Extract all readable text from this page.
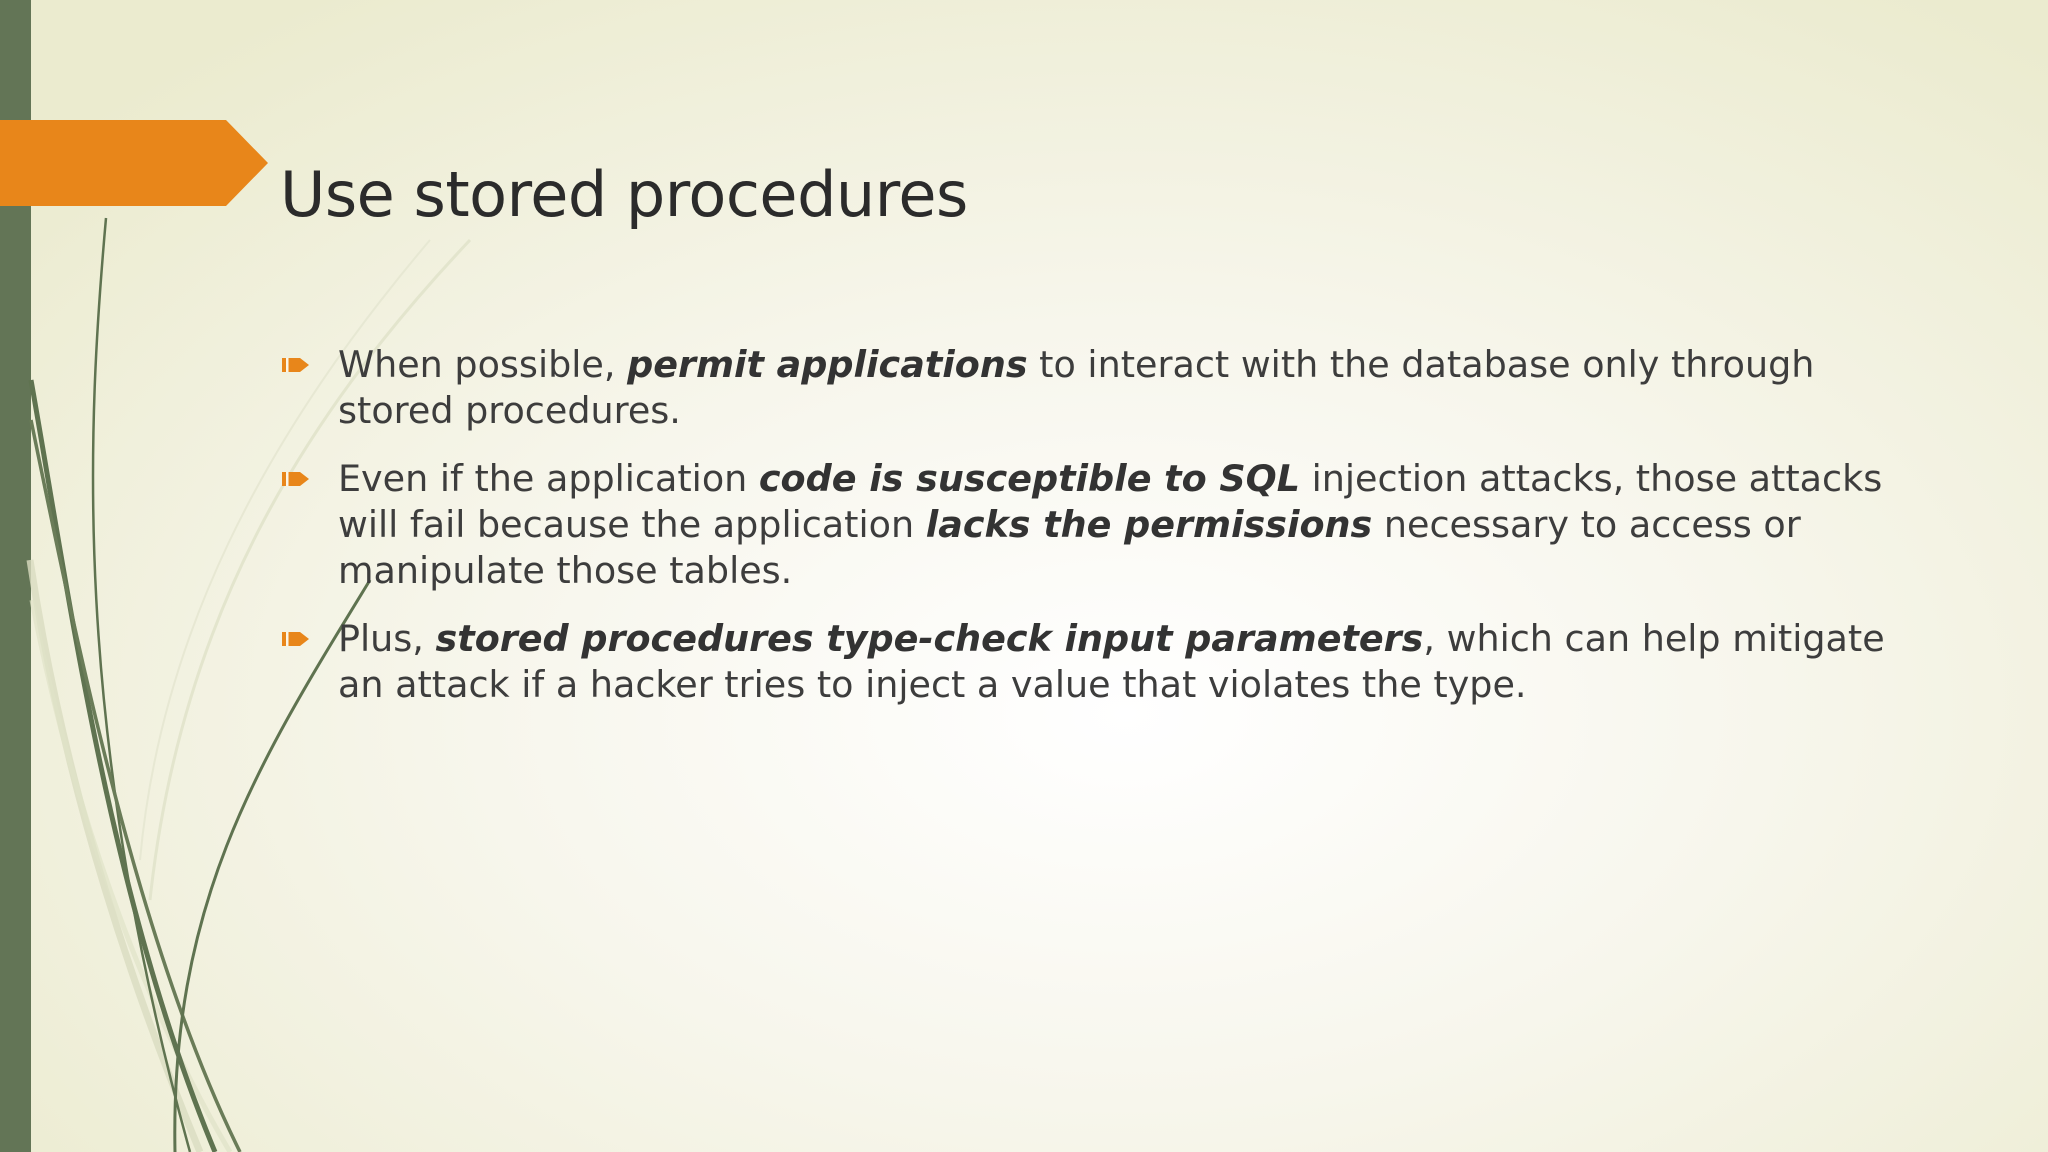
Use stored procedures
When possible, permit applications to interact with the database only through stored procedures.
Even if the application code is susceptible to SQL injection attacks, those attacks will fail because the application lacks the permissions necessary to access or manipulate those tables.
Plus, stored procedures type-check input parameters, which can help mitigate an attack if a hacker tries to inject a value that violates the type.
